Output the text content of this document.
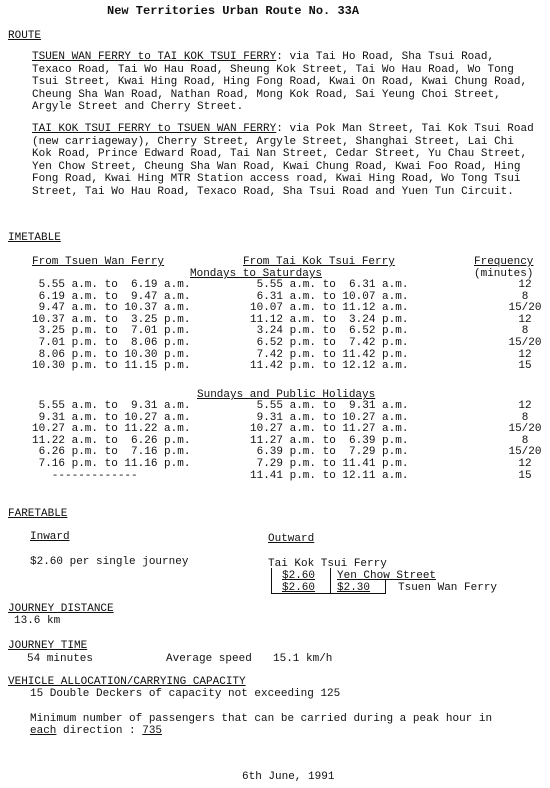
New Territories Urban Route No. 33A
ROUTE
TSUEN WAN FERRY to TAI KOK TSUI FERRY: via Tai Ho Road, Sha Tsui Road, Texaco Road, Tai Wo Hau Road, Sheung Kok Street, Tai Wo Hau Road, Wo Tong Tsui Street, Kwai Hing Road, Hing Fong Road, Kwai On Road, Kwai Chung Road, Cheung Sha Wan Road, Nathan Road, Mong Kok Road, Sai Yeung Choi Street, Argyle Street and Cherry Street.
TAI KOK TSUI FERRY to TSUEN WAN FERRY: via Pok Man Street, Tai Kok Tsui Road (new carriageway), Cherry Street, Argyle Street, Shanghai Street, Lai Chi Kok Road, Prince Edward Road, Tai Nan Street, Cedar Street, Yu Chau Street, Yen Chow Street, Cheung Sha Wan Road, Kwai Chung Road, Kwai Foo Road, Hing Fong Road, Kwai Hing MTR Station access road, Kwai Hing Road, Wo Tong Tsui Street, Tai Wo Hau Road, Texaco Road, Sha Tsui Road and Yuen Tun Circuit.
IMETABLE
From Tsuen Wan Ferry	From Tai Kok Tsui Ferry	Frequency
(minutes)
Mondays to Saturdays
5.55 a.m. to  6.19 a.m.	5.55 a.m. to  6.31 a.m.	12
6.19 a.m. to  9.47 a.m.	6.31 a.m. to 10.07 a.m.	8
9.47 a.m. to 10.37 a.m.	10.07 a.m. to 11.12 a.m.	15/20
10.37 a.m. to  3.25 p.m.	11.12 a.m. to  3.24 p.m.	12
3.25 p.m. to  7.01 p.m.	3.24 p.m. to  6.52 p.m.	8
7.01 p.m. to  8.06 p.m.	6.52 p.m. to  7.42 p.m.	15/20
8.06 p.m. to 10.30 p.m.	7.42 p.m. to 11.42 p.m.	12
10.30 p.m. to 11.15 p.m.	11.42 p.m. to 12.12 a.m.	15
Sundays and Public Holidays
5.55 a.m. to  9.31 a.m.	5.55 a.m. to  9.31 a.m.	12
9.31 a.m. to 10.27 a.m.	9.31 a.m. to 10.27 a.m.	8
10.27 a.m. to 11.22 a.m.	10.27 a.m. to 11.27 a.m.	15/20
11.22 a.m. to  6.26 p.m.	11.27 a.m. to  6.39 p.m.	8
6.26 p.m. to  7.16 p.m.	6.39 p.m. to  7.29 p.m.	15/20
7.16 p.m. to 11.16 p.m.	7.29 p.m. to 11.41 p.m.	12
-------------	11.41 p.m. to 12.11 a.m.	15
FARETABLE
Inward
$2.60 per single journey
Outward
Tai Kok Tsui Ferry
$2.60 Yen Chow Street
$2.60 $2.30	Tsuen Wan Ferry
JOURNEY DISTANCE
13.6 km
JOURNEY TIME
54 minutes	Average speed 15.1 km/h
VEHICLE ALLOCATION/CARRYING CAPACITY
15 Double Deckers of capacity not exceeding 125
Minimum number of passengers that can be carried during a peak hour in
each direction : 735
6th June, 1991
